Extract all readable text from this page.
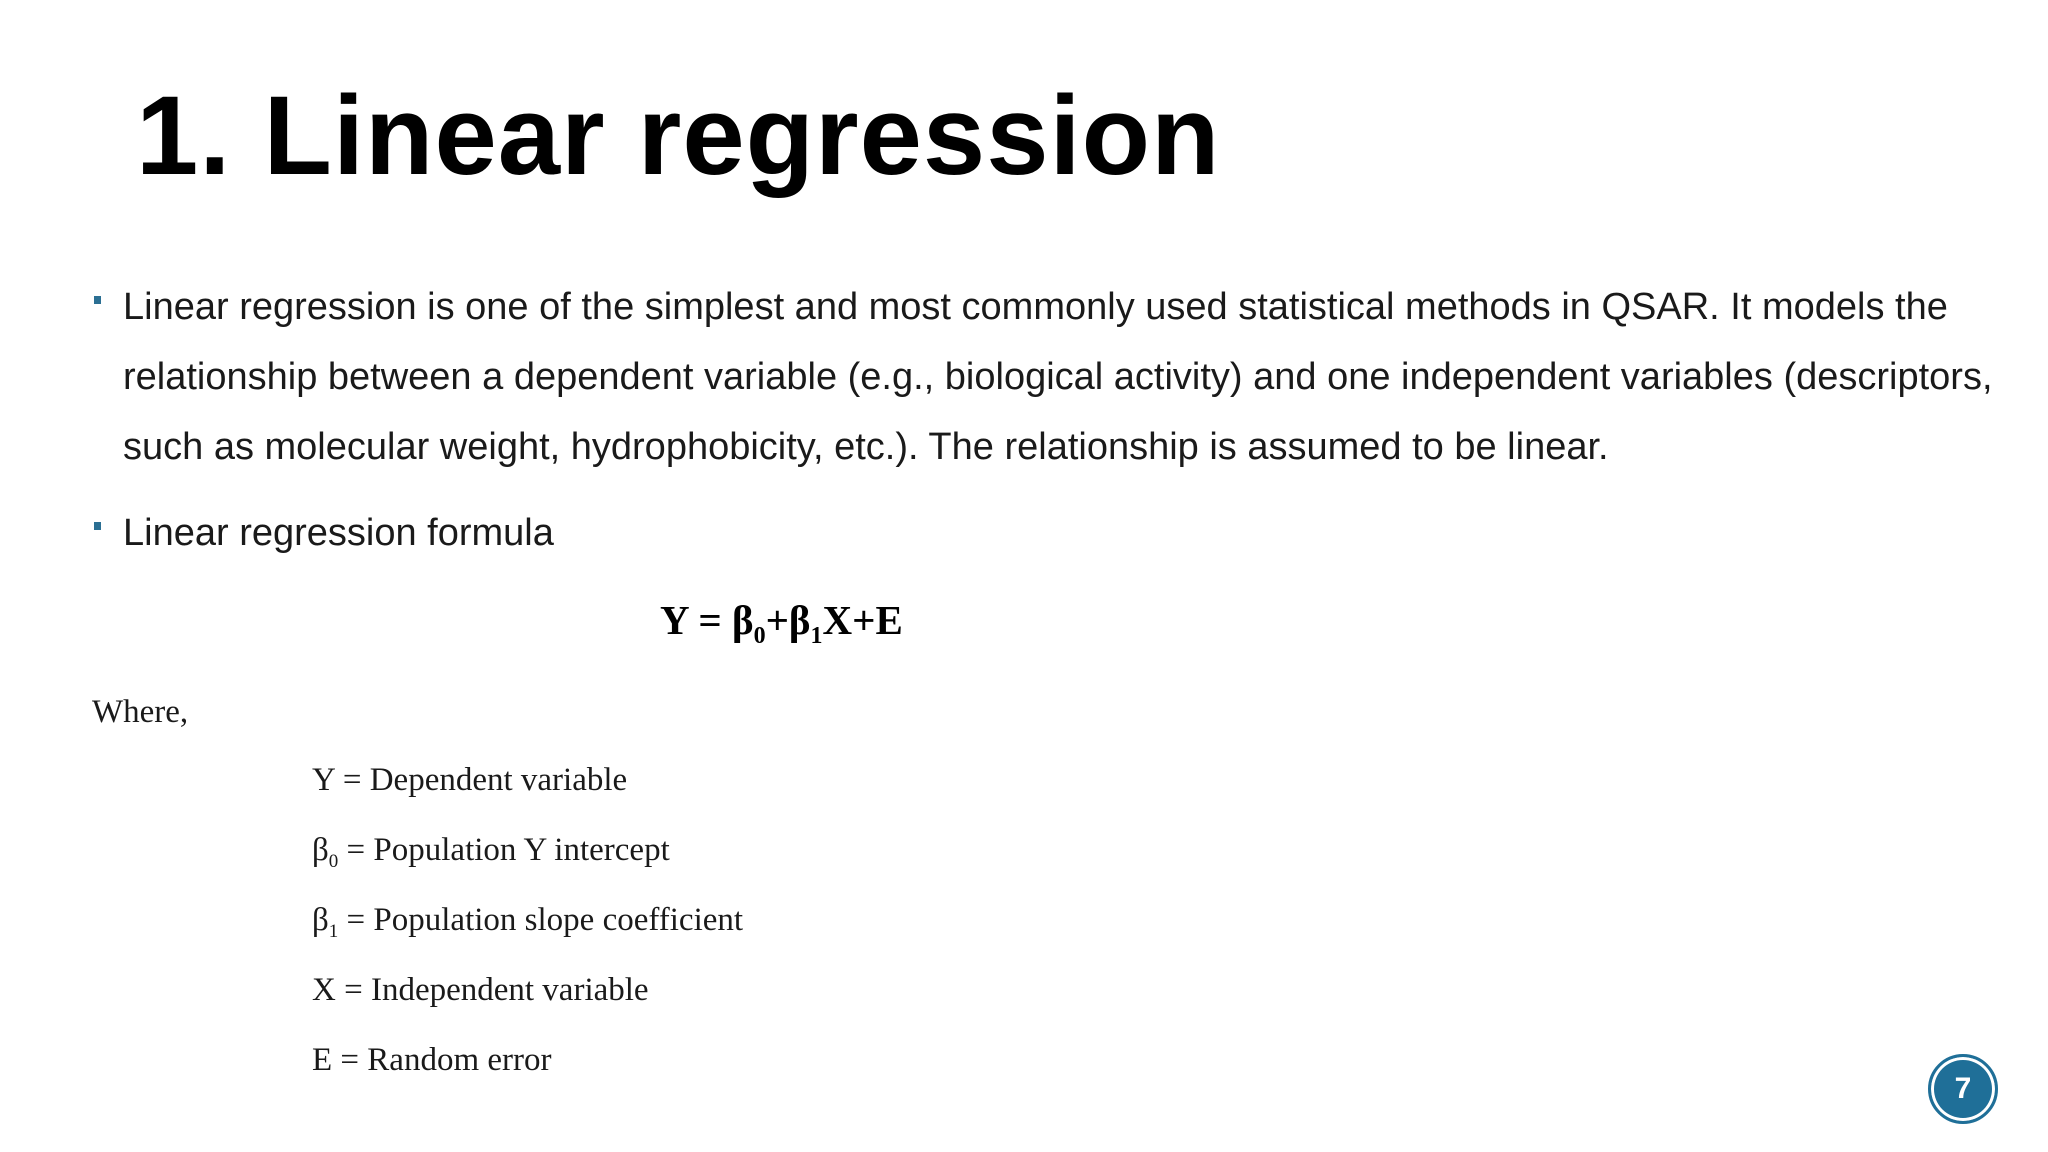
1. Linear regression
Linear regression is one of the simplest and most commonly used statistical methods in QSAR. It models the relationship between a dependent variable (e.g., biological activity) and one independent variables (descriptors, such as molecular weight, hydrophobicity, etc.). The relationship is assumed to be linear.
Linear regression formula
$Y = \beta_0+\beta_1X+E$
Where,
Y = Dependent variable
$\beta_0$ = Population Y intercept
$\beta_1$ = Population slope coefficient
X = Independent variable
E = Random error
7
